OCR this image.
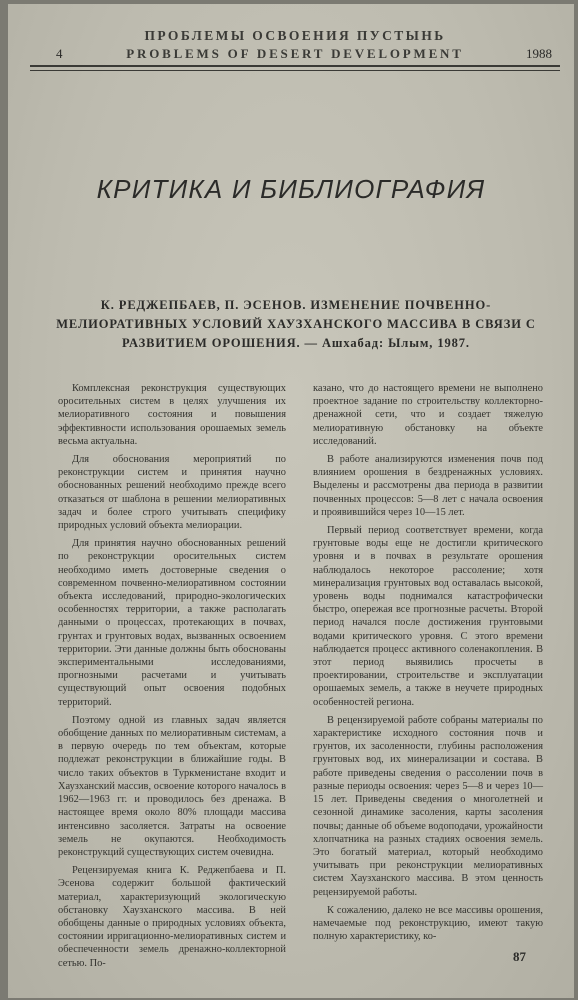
4
ПРОБЛЕМЫ ОСВОЕНИЯ ПУСТЫНЬ
PROBLEMS OF DESERT DEVELOPMENT	1988
КРИТИКА И БИБЛИОГРАФИЯ
К. РЕДЖЕПБАЕВ, П. ЭСЕНОВ. ИЗМЕНЕНИЕ ПОЧВЕННО-МЕЛИОРАТИВНЫХ УСЛОВИЙ ХАУЗХАНСКОГО МАССИВА В СВЯЗИ С РАЗВИТИЕМ ОРОШЕНИЯ. — Ашхабад: Ылым, 1987.

Комплексная реконструкция существующих оросительных систем в целях улучшения их мелиоративного состояния и повышения эффективности использования орошаемых земель весьма актуальна.

Для обоснования мероприятий по реконструкции систем и принятия научно обоснованных решений необходимо прежде всего отказаться от шаблона в решении мелиоративных задач и более строго учитывать специфику природных условий объекта мелиорации.

Для принятия научно обоснованных решений по реконструкции оросительных систем необходимо иметь достоверные сведения о современном почвенно-мелиоративном состоянии объекта исследований, природно-экологических особенностях территории, а также располагать данными о процессах, протекающих в почвах, грунтах и грунтовых водах, вызванных освоением территории. Эти данные должны быть обоснованы экспериментальными исследованиями, прогнозными расчетами и учитывать существующий опыт освоения подобных территорий.

Поэтому одной из главных задач является обобщение данных по мелиоративным системам, а в первую очередь по тем объектам, которые подлежат реконструкции в ближайшие годы. В число таких объектов в Туркменистане входит и Хаузханский массив, освоение которого началось в 1962—1963 гг. и проводилось без дренажа. В настоящее время около 80% площади массива интенсивно засоляется. Затраты на освоение земель не окупаются. Необходимость реконструкций существующих систем очевидна.

Рецензируемая книга К. Реджепбаева и П. Эсенова содержит большой фактический материал, характеризующий экологическую обстановку Хаузханского массива. В ней обобщены данные о природных условиях объекта, состоянии ирригационно-мелиоративных систем и обеспеченности земель дренажно-коллекторной сетью. По-

казано, что до настоящего времени не выполнено проектное задание по строительству коллекторно-дренажной сети, что и создает тяжелую мелиоративную обстановку на объекте исследований.

В работе анализируются изменения почв под влиянием орошения в бездренажных условиях. Выделены и рассмотрены два периода в развитии почвенных процессов: 5—8 лет с начала освоения и проявившийся через 10—15 лет.

Первый период соответствует времени, когда грунтовые воды еще не достигли критического уровня и в почвах в результате орошения наблюдалось некоторое рассоление; хотя минерализация грунтовых вод оставалась высокой, уровень воды поднимался катастрофически быстро, опережая все прогнозные расчеты. Второй период начался после достижения грунтовыми водами критического уровня. С этого времени наблюдается процесс активного соленакопления. В этот период выявились просчеты в проектировании, строительстве и эксплуатации орошаемых земель, а также в неучете природных особенностей региона.

В рецензируемой работе собраны материалы по характеристике исходного состояния почв и грунтов, их засоленности, глубины расположения грунтовых вод, их минерализации и состава. В работе приведены сведения о рассолении почв в разные периоды освоения: через 5—8 и через 10—15 лет. Приведены сведения о многолетней и сезонной динамике засоления, карты засоления почвы; данные об объеме водоподачи, урожайности хлопчатника на разных стадиях освоения земель. Это богатый материал, который необходимо учитывать при реконструкции мелиоративных систем Хаузханского массива. В этом ценность рецензируемой работы.

К сожалению, далеко не все массивы орошения, намечаемые под реконструкцию, имеют такую полную характеристику, ко-

87
